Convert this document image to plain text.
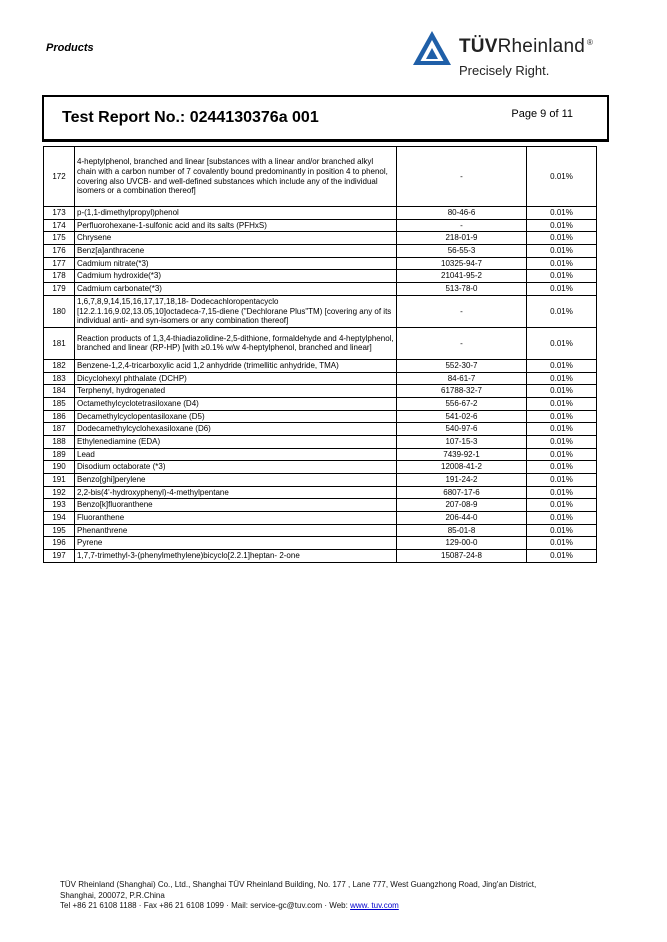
Products	TÜVRheinland ®
Precisely Right.
Test Report No.: 0244130376a 001	Page 9 of 11
172	4-heptylphenol, branched and linear [substances with a linear and/or branched alkyl chain with a carbon number of 7 covalently bound predominantly in position 4 to phenol, covering also UVCB- and well-defined substances which include any of the individual isomers or a combination thereof]	-	0.01%
173	p-(1,1-dimethylpropyl)phenol	80-46-6	0.01%
174	Perfluorohexane-1-sulfonic acid and its salts (PFHxS)	-	0.01%
175	Chrysene	218-01-9	0.01%
176	Benz[a]anthracene	56-55-3	0.01%
177	Cadmium nitrate(*3)	10325-94-7	0.01%
178	Cadmium hydroxide(*3)	21041-95-2	0.01%
179	Cadmium carbonate(*3)	513-78-0	0.01%
180	1,6,7,8,9,14,15,16,17,17,18,18- Dodecachloropentacyclo [12.2.1.16,9.02,13.05,10]octadeca-7,15-diene ("Dechlorane Plus"TM) [covering any of its individual anti- and syn-isomers or any combination thereof]	-	0.01%
181	Reaction products of 1,3,4-thiadiazolidine-2,5-dithione, formaldehyde and 4-heptylphenol, branched and linear (RP-HP) [with ≥0.1% w/w 4-heptylphenol, branched and linear]	-	0.01%
182	Benzene-1,2,4-tricarboxylic acid 1,2 anhydride (trimellitic anhydride, TMA)	552-30-7	0.01%
183	Dicyclohexyl phthalate (DCHP)	84-61-7	0.01%
184	Terphenyl, hydrogenated	61788-32-7	0.01%
185	Octamethylcyclotetrasiloxane (D4)	556-67-2	0.01%
186	Decamethylcyclopentasiloxane (D5)	541-02-6	0.01%
187	Dodecamethylcyclohexasiloxane (D6)	540-97-6	0.01%
188	Ethylenediamine (EDA)	107-15-3	0.01%
189	Lead	7439-92-1	0.01%
190	Disodium octaborate (*3)	12008-41-2	0.01%
191	Benzo[ghi]perylene	191-24-2	0.01%
192	2,2-bis(4'-hydroxyphenyl)-4-methylpentane	6807-17-6	0.01%
193	Benzo[k]fluoranthene	207-08-9	0.01%
194	Fluoranthene	206-44-0	0.01%
195	Phenanthrene	85-01-8	0.01%
196	Pyrene	129-00-0	0.01%
197	1,7,7-trimethyl-3-(phenylmethylene)bicyclo[2.2.1]heptan- 2-one	15087-24-8	0.01%
TÜV Rheinland (Shanghai) Co., Ltd., Shanghai TÜV Rheinland Building, No. 177 , Lane 777, West Guangzhong Road, Jing'an District,
Shanghai, 200072, P.R.China
Tel +86 21 6108 1188 · Fax +86 21 6108 1099 · Mail: service-gc@tuv.com · Web: www. tuv.com
